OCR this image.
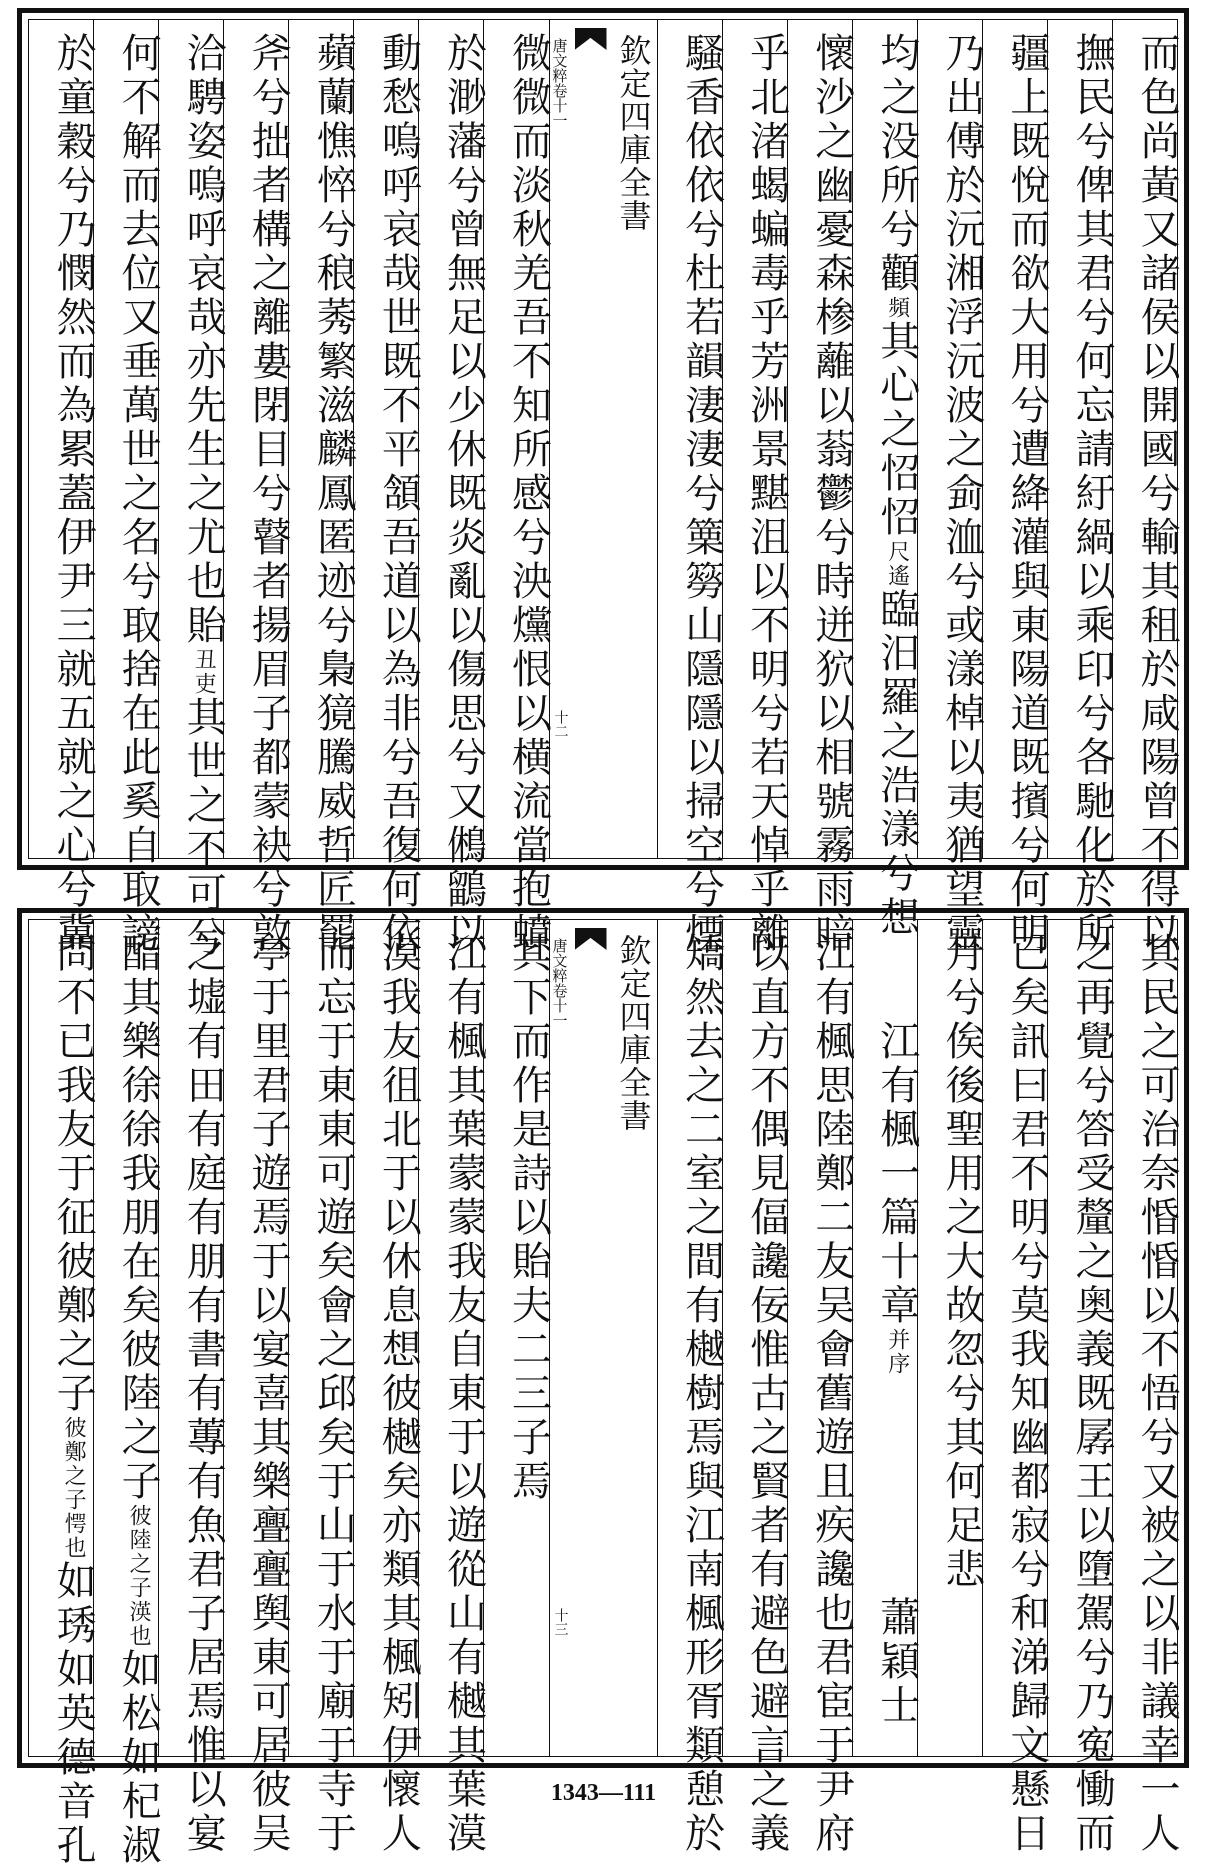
而色尚黃又諸侯以開國兮輸其租於咸陽曾不得以
撫民兮俾其君兮何忘請紆緺以乘印兮各馳化於所
疆上既悅而欲大用兮遭絳灌與東陽道既擯兮何明
乃出傅於沅湘浮沅波之侴洫兮或漾棹以夷猶望靈
均之没所兮顴頻其心之怊怊尺遙臨汨羅之浩漾兮想
懷沙之幽憂森椮蘺以蓊鬱兮時迸狖以相號霧雨暗
乎北渚蝎蝙毒乎芳洲景黮沮以不明兮若天悼乎離
騷香依依兮杜若韻淒淒兮篥簩山隱隱以掃空兮煙
欽定四庫全書
唐文粹卷十一
十二
微微而淡秋羌吾不知所感兮泱爣恨以横流當抱蟦
於渺藩兮曾無足以少休既炎亂以傷思兮又鵂鶹以
動愁嗚呼哀哉世既不平頷吾道以為非兮吾復何依
蘋蘭憔悴兮稂莠繁滋麟鳳匿迹兮梟獍騰威哲匠罷
斧兮拙者構之離婁閉目兮瞽者揚眉子都蒙袂兮敦
洽騁姿嗚呼哀哉亦先生之尤也貽丑吏其世之不可兮
何不解而去位又垂萬世之名兮取捨在此奚自取謗
於童穀兮乃憫然而為累蓋伊尹三就五就之心兮冀
其民之可治奈惛惛以不悟兮又被之以非議幸一人
之再覺兮答受釐之奥義既孱王以墮駕兮乃寃慟而
已矣訊曰君不明兮莫我知幽都寂兮和涕歸文懸日
月兮俟後聖用之大故忽兮其何足悲
江有楓一篇十章并序蕭穎士
江有楓思陸鄭二友吴會舊遊且疾讒也君宦于尹府
以直方不偶見偪讒佞惟古之賢者有避色避言之義
矯然去之二室之間有樾樹焉與江南楓形胥類憩於
欽定四庫全書
唐文粹卷十一
十三
其下而作是詩以貽夫二三子焉
江有楓其葉蒙蒙我友自東于以遊從山有樾其葉漠
漠我友徂北于以休息想彼樾矣亦類其楓矧伊懷人
而忘于東東可遊矣會之邱矣于山于水于廟于寺于
亭于里君子遊焉于以宴喜其樂亹亹舆東可居彼吴
之墟有田有庭有朋有書有蓴有魚君子居焉惟以宴
酯其樂徐徐我朋在矣彼陸之子彼陸之子渶也如松如杞淑
問不已我友于征彼鄭之子彼鄭之子愕也如琇如英德音孔	1343—111
